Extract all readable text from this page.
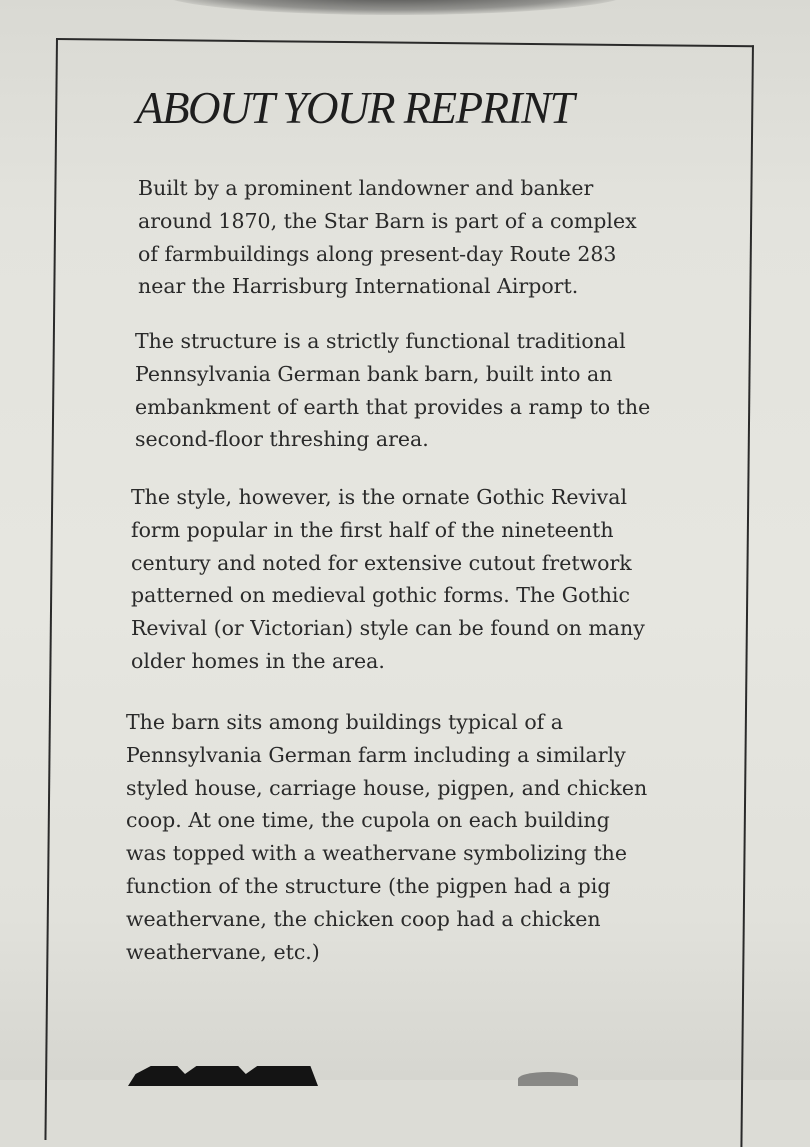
ABOUT YOUR REPRINT

Built by a prominent landowner and banker
around 1870, the Star Barn is part of a complex
of farmbuildings along present-day Route 283
near the Harrisburg International Airport.

The structure is a strictly functional traditional
Pennsylvania German bank barn, built into an
embankment of earth that provides a ramp to the
second-floor threshing area.

The style, however, is the ornate Gothic Revival
form popular in the first half of the nineteenth
century and noted for extensive cutout fretwork
patterned on medieval gothic forms. The Gothic
Revival (or Victorian) style can be found on many
older homes in the area.

The barn sits among buildings typical of a
Pennsylvania German farm including a similarly
styled house, carriage house, pigpen, and chicken
coop. At one time, the cupola on each building
was topped with a weathervane symbolizing the
function of the structure (the pigpen had a pig
weathervane, the chicken coop had a chicken
weathervane, etc.)
